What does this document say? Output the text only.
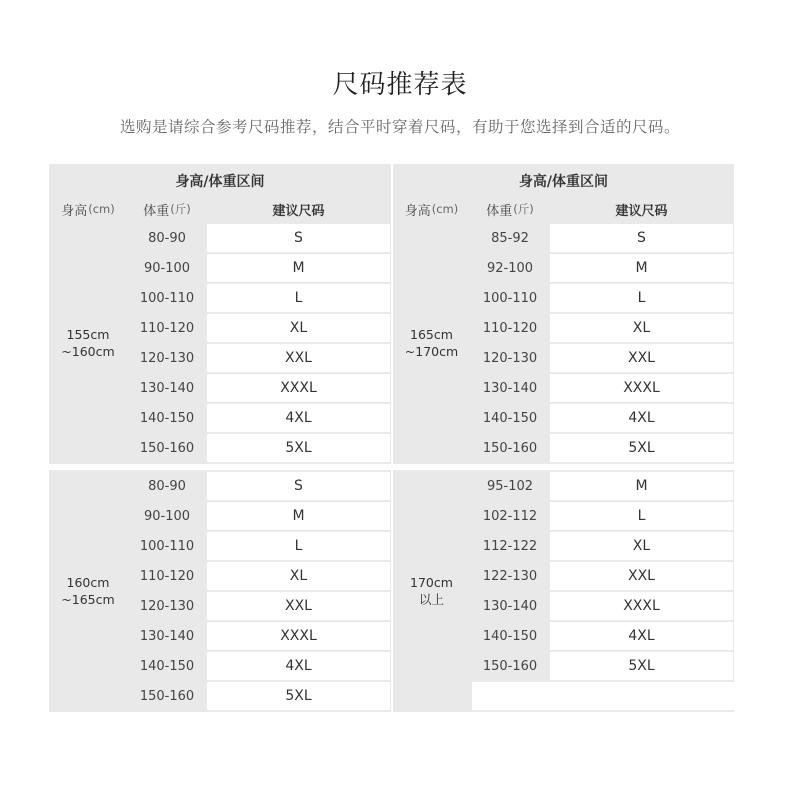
尺码推荐表
选购是请综合参考尺码推荐，结合平时穿着尺码，有助于您选择到合适的尺码。
身高/体重区间
身高 (cm) 体重 (斤)	建议尺码
155cm
~160cm
80-90	S
90-100	M
100-110	L
110-120	XL
120-130	XXL
130-140	XXXL
140-150	4XL
150-160	5XL
160cm
~165cm
80-90	S
90-100	M
100-110	L
110-120	XL
120-130	XXL
130-140	XXXL
140-150	4XL
150-160	5XL
身高/体重区间
身高 (cm) 体重 (斤)	建议尺码
165cm
~170cm
85-92	S
92-100	M
100-110	L
110-120	XL
120-130	XXL
130-140	XXXL
140-150	4XL
150-160	5XL
170cm
以上
95-102	M
102-112	L
112-122	XL
122-130	XXL
130-140	XXXL
140-150	4XL
150-160	5XL
